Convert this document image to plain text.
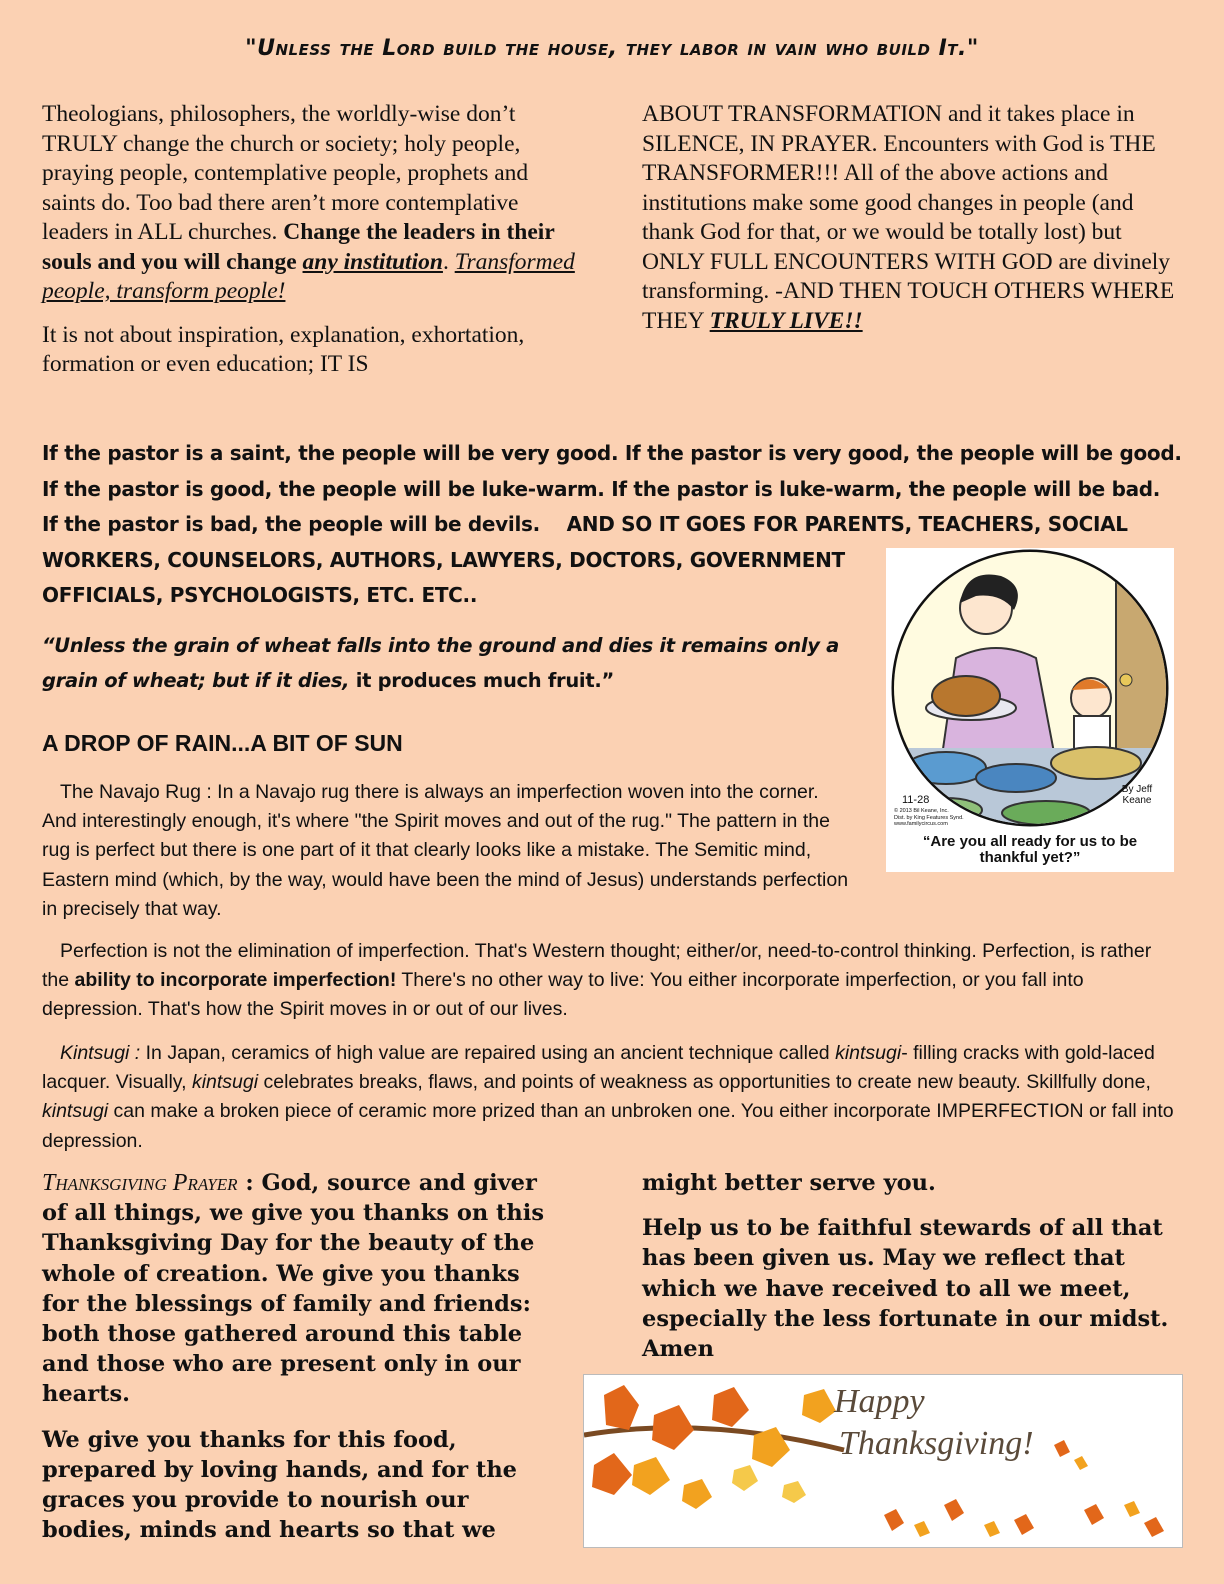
"Unless the Lord build the house, they labor in vain who build It."

Theologians, philosophers, the worldly-wise don’t TRULY change the church or society; holy people, praying people, contemplative people, prophets and saints do. Too bad there aren’t more contemplative leaders in ALL churches. Change the leaders in their souls and you will change any institution. Transformed people, transform people!

It is not about inspiration, explanation, exhortation, formation or even education; IT IS

ABOUT TRANSFORMATION and it takes place in SILENCE, IN PRAYER. Encounters with God is THE TRANSFORMER!!! All of the above actions and institutions make some good changes in people (and thank God for that, or we would be totally lost) but ONLY FULL ENCOUNTERS WITH GOD are divinely transforming. -AND THEN TOUCH OTHERS WHERE THEY TRULY LIVE!!

If the pastor is a saint, the people will be very good. If the pastor is very good, the people will be good.
If the pastor is good, the people will be luke-warm. If the pastor is luke-warm, the people will be bad.
If the pastor is bad, the people will be devils. AND SO IT GOES FOR PARENTS, TEACHERS, SOCIAL
WORKERS, COUNSELORS, AUTHORS, LAWYERS, DOCTORS, GOVERNMENT
OFFICIALS, PSYCHOLOGISTS, ETC. ETC..
“Unless the grain of wheat falls into the ground and dies it remains only a grain of wheat; but if it dies, it produces much fruit.”
A DROP OF RAIN...A BIT OF SUN
The Navajo Rug : In a Navajo rug there is always an imperfection woven into the corner. And interestingly enough, it's where "the Spirit moves and out of the rug." The pattern in the rug is perfect but there is one part of it that clearly looks like a mistake. The Semitic mind, Eastern mind (which, by the way, would have been the mind of Jesus) understands perfection in precisely that way.
Perfection is not the elimination of imperfection. That's Western thought; either/or, need-to-control thinking. Perfection, is rather the ability to incorporate imperfection! There's no other way to live: You either incorporate imperfection, or you fall into depression. That's how the Spirit moves in or out of our lives.
Kintsugi : In Japan, ceramics of high value are repaired using an ancient technique called kintsugi- filling cracks with gold-laced lacquer. Visually, kintsugi celebrates breaks, flaws, and points of weakness as opportunities to create new beauty. Skillfully done, kintsugi can make a broken piece of ceramic more prized than an unbroken one. You either incorporate IMPERFECTION or fall into depression.

Thanksgiving Prayer : God, source and giver of all things, we give you thanks on this Thanksgiving Day for the beauty of the whole of creation. We give you thanks for the blessings of family and friends: both those gathered around this table and those who are present only in our hearts.

We give you thanks for this food, prepared by loving hands, and for the graces you provide to nourish our bodies, minds and hearts so that we

might better serve you.

Help us to be faithful stewards of all that has been given us. May we reflect that which we have received to all we meet, especially the less fortunate in our midst. Amen

11-28
© 2013 Bil Keane, Inc.
Dist. by King Features Synd.
www.familycircus.com
By Jeff Keane
“Are you all ready for us to be thankful yet?”
Happy
Thanksgiving!
